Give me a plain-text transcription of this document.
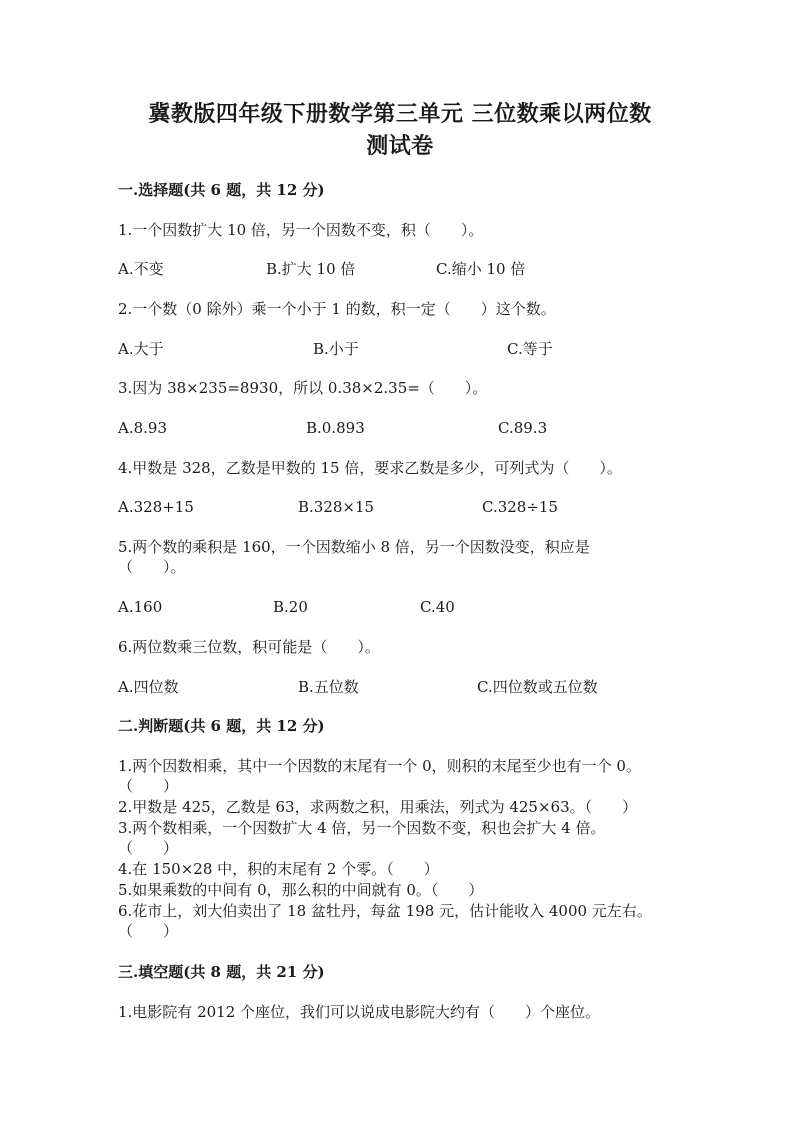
冀教版四年级下册数学第三单元 三位数乘以两位数
测试卷
一.选择题(共 6 题，共 12 分)
1.一个因数扩大 10 倍，另一个因数不变，积（　　）。
A.不变	B.扩大 10 倍	C.缩小 10 倍
2.一个数（0 除外）乘一个小于 1 的数，积一定（　　）这个数。
A.大于	B.小于	C.等于
3.因为 38×235=8930，所以 0.38×2.35=（　　）。
A.8.93	B.0.893	C.89.3
4.甲数是 328，乙数是甲数的 15 倍，要求乙数是多少，可列式为（　　）。
A.328+15	B.328×15	C.328÷15
5.两个数的乘积是 160，一个因数缩小 8 倍，另一个因数没变，积应是
（　　）。
A.160	B.20	C.40
6.两位数乘三位数，积可能是（　　）。
A.四位数	B.五位数	C.四位数或五位数
二.判断题(共 6 题，共 12 分)
1.两个因数相乘，其中一个因数的末尾有一个 0，则积的末尾至少也有一个 0。
（　　）
2.甲数是 425，乙数是 63，求两数之积，用乘法，列式为 425×63。（　　）
3.两个数相乘，一个因数扩大 4 倍，另一个因数不变，积也会扩大 4 倍。
（　　）
4.在 150×28 中，积的末尾有 2 个零。（　　）
5.如果乘数的中间有 0，那么积的中间就有 0。（　　）
6.花市上，刘大伯卖出了 18 盆牡丹，每盆 198 元，估计能收入 4000 元左右。
（　　）
三.填空题(共 8 题，共 21 分)
1.电影院有 2012 个座位，我们可以说成电影院大约有（　　）个座位。
